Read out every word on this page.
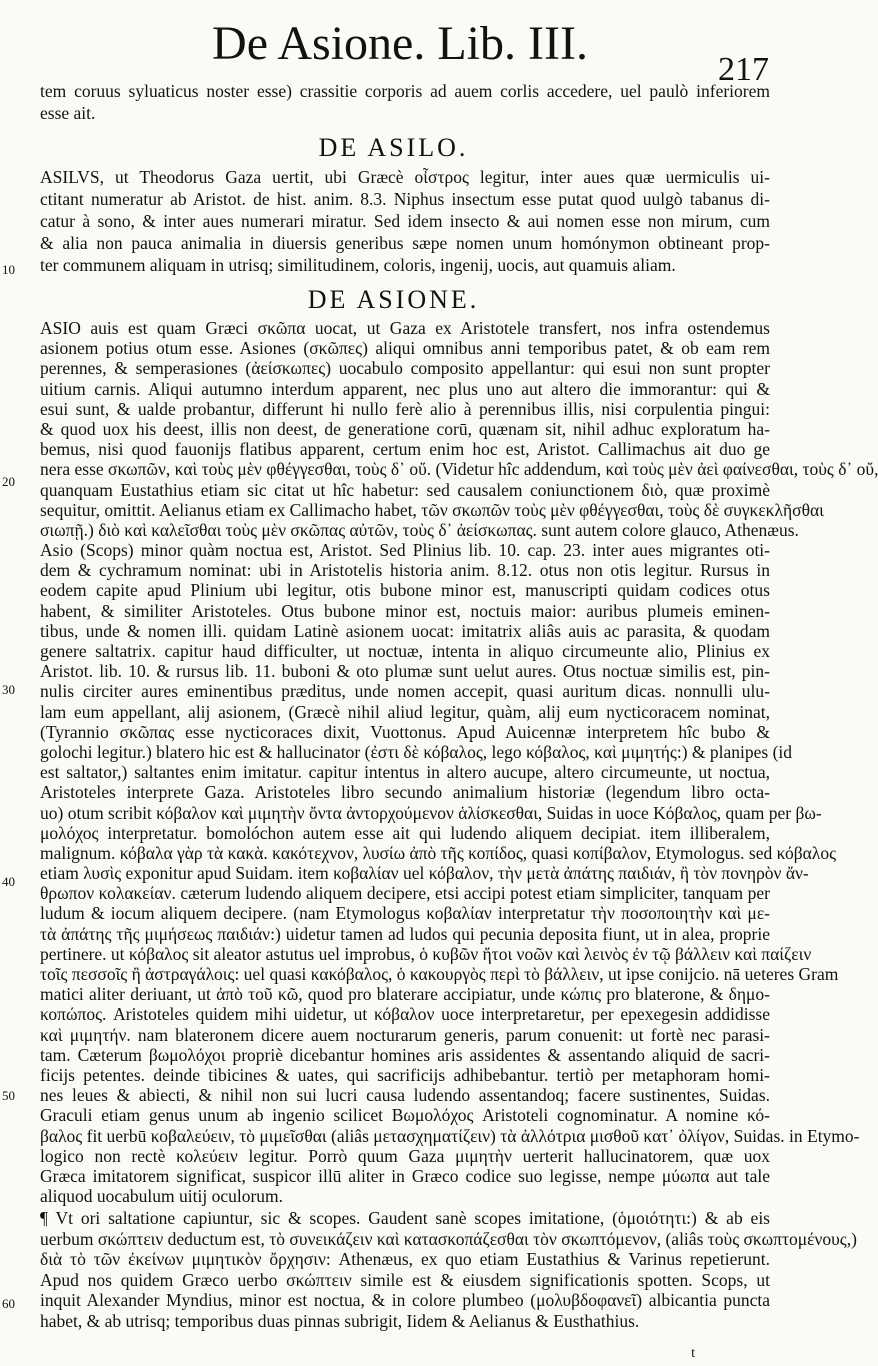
De Asione. Lib. III.	217
tem coruus syluaticus noster esse) crassitie corporis ad auem corlis accedere, uel paulò inferiorem
esse ait.
DE ASILO.
ASILVS, ut Theodorus Gaza uertit, ubi Græcè οἶστρος legitur, inter aues quæ uermiculis ui-
ctitant numeratur ab Aristot. de hist. anim. 8.3. Niphus insectum esse putat quod uulgò tabanus di-
catur à sono, & inter aues numerari miratur. Sed idem insecto & aui nomen esse non mirum, cum
& alia non pauca animalia in diuersis generibus sæpe nomen unum homónymon obtineant prop-
ter communem aliquam in utrisq; similitudinem, coloris, ingenij, uocis, aut quamuis aliam.
DE ASIONE.
ASIO auis est quam Græci σκῶπα uocat, ut Gaza ex Aristotele transfert, nos infra ostendemus
asionem potius otum esse. Asiones (σκῶπες) aliqui omnibus anni temporibus patet, & ob eam rem
perennes, & semperasiones (ἀείσκωπες) uocabulo composito appellantur: qui esui non sunt propter
uitium carnis. Aliqui autumno interdum apparent, nec plus uno aut altero die immorantur: qui &
esui sunt, & ualde probantur, differunt hi nullo ferè alio à perennibus illis, nisi corpulentia pingui:
& quod uox his deest, illis non deest, de generatione corū, quænam sit, nihil adhuc exploratum ha-
bemus, nisi quod fauonijs flatibus apparent, certum enim hoc est, Aristot. Callimachus ait duo ge
nera esse σκωπῶν, καὶ τοὺς μὲν φθέγγεσθαι, τοὺς δ᾽ οὔ. (Videtur hîc addendum, καὶ τοὺς μὲν ἀεὶ φαίνεσθαι, τοὺς δ᾽ οὔ,
quanquam Eustathius etiam sic citat ut hîc habetur: sed causalem coniunctionem διὸ, quæ proximè
sequitur, omittit. Aelianus etiam ex Callimacho habet, τῶν σκωπῶν τοὺς μὲν φθέγγεσθαι, τοὺς δὲ συγκεκλῆσθαι
σιωπῇ.) διὸ καὶ καλεῖσθαι τοὺς μὲν σκῶπας αὐτῶν, τοὺς δ᾽ ἀείσκωπας. sunt autem colore glauco, Athenæus.
Asio (Scops) minor quàm noctua est, Aristot. Sed Plinius lib. 10. cap. 23. inter aues migrantes oti-
dem & cychramum nominat: ubi in Aristotelis historia anim. 8.12. otus non otis legitur. Rursus in
eodem capite apud Plinium ubi legitur, otis bubone minor est, manuscripti quidam codices otus
habent, & similiter Aristoteles. Otus bubone minor est, noctuis maior: auribus plumeis eminen-
tibus, unde & nomen illi. quidam Latinè asionem uocat: imitatrix aliâs auis ac parasita, & quodam
genere saltatrix. capitur haud difficulter, ut noctuæ, intenta in aliquo circumeunte alio, Plinius ex
Aristot. lib. 10. & rursus lib. 11. buboni & oto plumæ sunt uelut aures. Otus noctuæ similis est, pin-
nulis circiter aures eminentibus præditus, unde nomen accepit, quasi auritum dicas. nonnulli ulu-
lam eum appellant, alij asionem, (Græcè nihil aliud legitur, quàm, alij eum nycticoracem nominat,
(Tyrannio σκῶπας esse nycticoraces dixit, Vuottonus. Apud Auicennæ interpretem hîc bubo &
golochi legitur.) blatero hic est & hallucinator (ἐστι δὲ κόβαλος, lego κόβαλος, καὶ μιμητής:) & planipes (id
est saltator,) saltantes enim imitatur. capitur intentus in altero aucupe, altero circumeunte, ut noctua,
Aristoteles interprete Gaza. Aristoteles libro secundo animalium historiæ (legendum libro octa-
uo) otum scribit κόβαλον καὶ μιμητὴν ὄντα ἀντορχούμενον ἁλίσκεσθαι, Suidas in uoce Κόβαλος, quam per βω-
μολόχος interpretatur. bomolóchon autem esse ait qui ludendo aliquem decipiat. item illiberalem,
malignum. κόβαλα γὰρ τὰ κακὰ. κακότεχνον, λυσίω ἀπὸ τῆς κοπίδος, quasi κοπίβαλον, Etymologus. sed κόβαλος
etiam λυσὶς exponitur apud Suidam. item κοβαλίαν uel κόβαλον, τὴν μετὰ ἀπάτης παιδιάν, ἢ τὸν πονηρὸν ἄν-
θρωπον κολακείαν. cæterum ludendo aliquem decipere, etsi accipi potest etiam simpliciter, tanquam per
ludum & iocum aliquem decipere. (nam Etymologus κοβαλίαν interpretatur τὴν ποσοποιητὴν καὶ με-
τὰ ἀπάτης τῆς μιμήσεως παιδιάν:) uidetur tamen ad ludos qui pecunia deposita fiunt, ut in alea, proprie
pertinere. ut κόβαλος sit aleator astutus uel improbus, ὁ κυβῶν ἤτοι νοῶν καὶ λεινὸς ἐν τῷ βάλλειν καὶ παίζειν
τοῖς πεσσοῖς ἢ ἀστραγάλοις: uel quasi κακόβαλος, ὁ κακουργὸς περὶ τὸ βάλλειν, ut ipse conijcio. nā ueteres Gram
matici aliter deriuant, ut ἀπὸ τοῦ κῶ, quod pro blaterare accipiatur, unde κώπις pro blaterone, & δημο-
κοπώπος. Aristoteles quidem mihi uidetur, ut κόβαλον uoce interpretaretur, per epexegesin addidisse
καὶ μιμητήν. nam blateronem dicere auem nocturarum generis, parum conuenit: ut fortè nec parasi-
tam. Cæterum βωμολόχοι propriè dicebantur homines aris assidentes & assentando aliquid de sacri-
ficijs petentes. deinde tibicines & uates, qui sacrificijs adhibebantur. tertiò per metaphoram homi-
nes leues & abiecti, & nihil non sui lucri causa ludendo assentandoq; facere sustinentes, Suidas.
Graculi etiam genus unum ab ingenio scilicet Βωμολόχος Aristoteli cognominatur. A nomine κό-
βαλος fit uerbū κοβαλεύειν, τὸ μιμεῖσθαι (aliâs μετασχηματίζειν) τὰ ἀλλότρια μισθοῦ κατ᾽ ὀλίγον, Suidas. in Etymo-
logico non rectè κολεύειν legitur. Porrò quum Gaza μιμητὴν uerterit hallucinatorem, quæ uox
Græca imitatorem significat, suspicor illū aliter in Græco codice suo legisse, nempe μύωπα aut tale
aliquod uocabulum uitij oculorum.
¶ Vt ori saltatione capiuntur, sic & scopes. Gaudent sanè scopes imitatione, (ὁμοιότητι:) & ab eis
uerbum σκώπτειν deductum est, τὸ συνεικάζειν καὶ κατασκοπάζεσθαι τὸν σκωπτόμενον, (aliâs τοὺς σκωπτομένους,)
διὰ τὸ τῶν ἐκείνων μιμητικὸν ὄρχησιν: Athenæus, ex quo etiam Eustathius & Varinus repetierunt.
Apud nos quidem Græco uerbo σκώπτειν simile est & eiusdem significationis spotten. Scops, ut
inquit Alexander Myndius, minor est noctua, & in colore plumbeo (μολυβδοφανεῖ) albicantia puncta
habet, & ab utrisq; temporibus duas pinnas subrigit, Iidem & Aelianus & Eusthathius.
10
20
30
40
50
60
t
